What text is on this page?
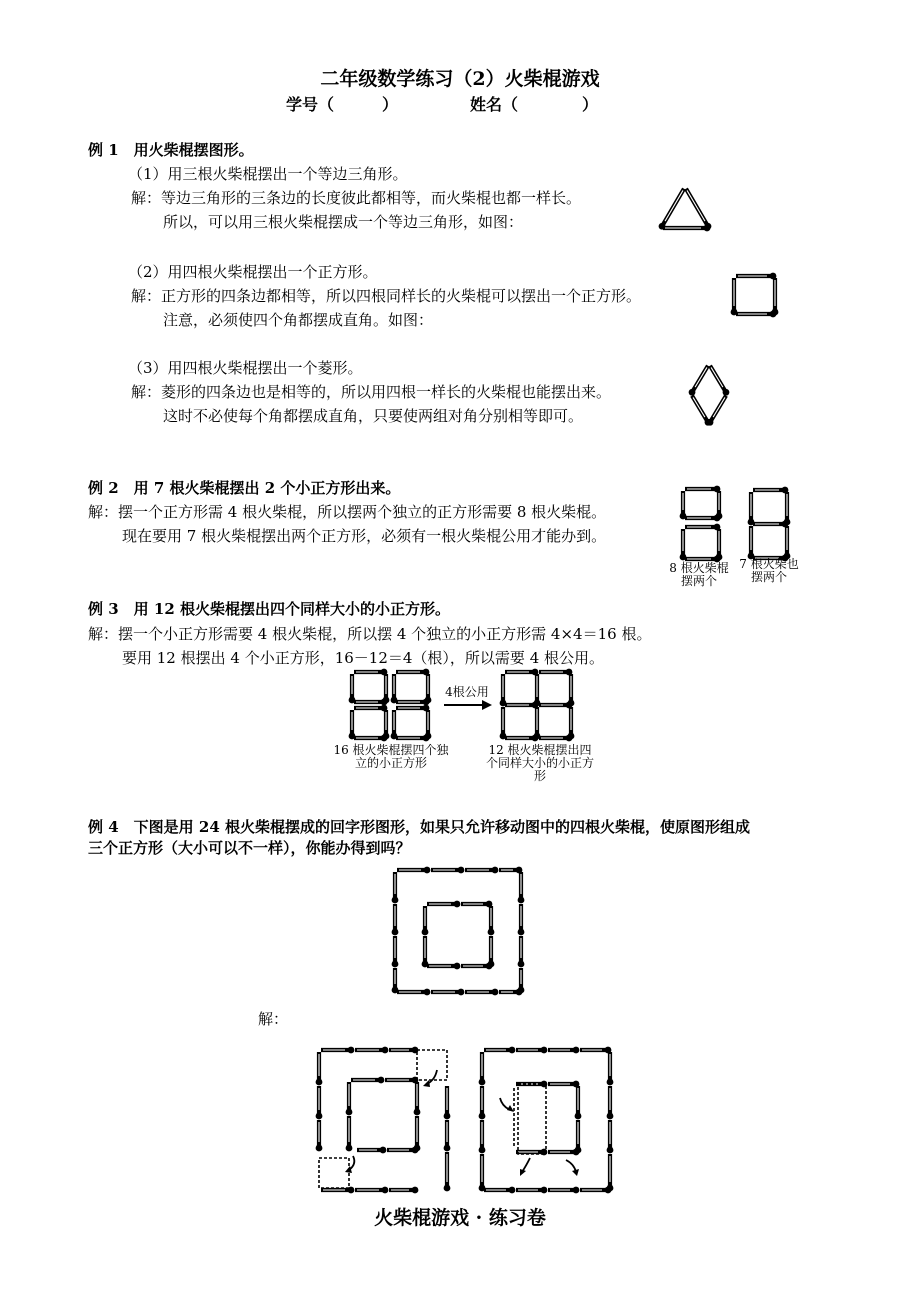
二年级数学练习（2）火柴棍游戏
学号（　　　）	姓名（　　　　）
例 1　用火柴棍摆图形。
（1）用三根火柴棍摆出一个等边三角形。
解：等边三角形的三条边的长度彼此都相等，而火柴棍也都一样长。
所以，可以用三根火柴棍摆成一个等边三角形，如图：
（2）用四根火柴棍摆出一个正方形。
解：正方形的四条边都相等，所以四根同样长的火柴棍可以摆出一个正方形。
注意，必须使四个角都摆成直角。如图：
（3）用四根火柴棍摆出一个菱形。
解：菱形的四条边也是相等的，所以用四根一样长的火柴棍也能摆出来。
这时不必使每个角都摆成直角，只要使两组对角分别相等即可。
例 2　用 7 根火柴棍摆出 2 个小正方形出来。
解：摆一个正方形需 4 根火柴棍，所以摆两个独立的正方形需要 8 根火柴棍。
现在要用 7 根火柴棍摆出两个正方形，必须有一根火柴棍公用才能办到。
8 根火柴棍摆两个
7 根火柴也摆两个
例 3　用 12 根火柴棍摆出四个同样大小的小正方形。
解：摆一个小正方形需要 4 根火柴棍，所以摆 4 个独立的小正方形需 4×4＝16 根。
要用 12 根摆出 4 个小正方形，16－12＝4（根），所以需要 4 根公用。
16 根火柴棍摆四个独立的小正方形
4根公用
12 根火柴棍摆出四个同样大小的小正方形
例 4　下图是用 24 根火柴棍摆成的回字形图形，如果只允许移动图中的四根火柴棍，使原图形组成
三个正方形（大小可以不一样），你能办得到吗？
解：
火柴棍游戏 · 练习卷
